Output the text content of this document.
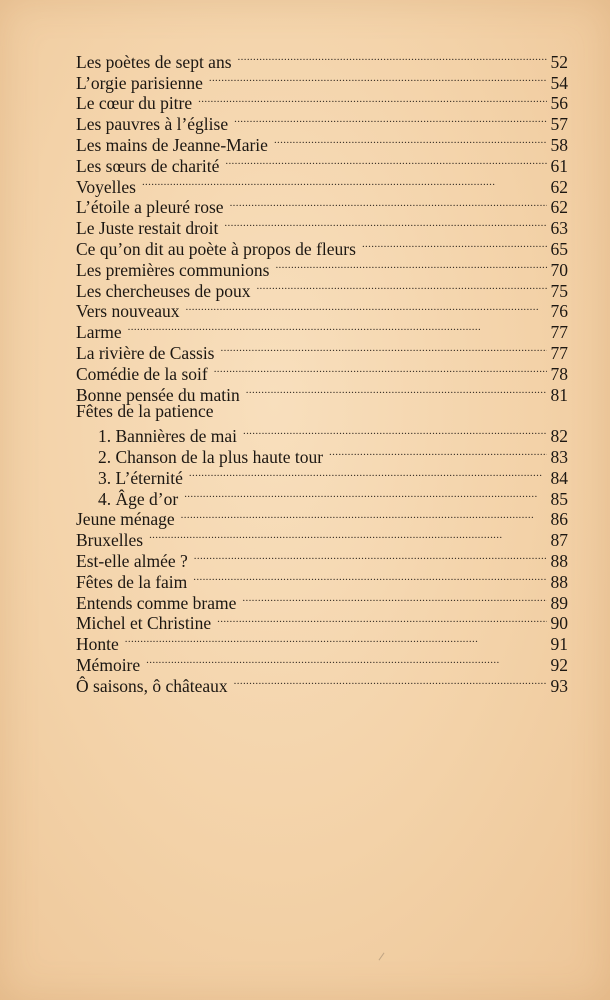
Les poètes de sept ans . . .	52
L’orgie parisienne . . .	54
Le cœur du pitre . . .	56
Les pauvres à l’église . . .	57
Les mains de Jeanne-Marie . . .	58
Les sœurs de charité . . .	61
Voyelles . . .	62
L’étoile a pleuré rose . . .	62
Le Juste restait droit . . .	63
Ce qu’on dit au poète à propos de fleurs . . .	65
Les premières communions . . .	70
Les chercheuses de poux . . .	75
Vers nouveaux . . .	76
Larme . . .	77
La rivière de Cassis . . .	77
Comédie de la soif . . .	78
Bonne pensée du matin . . .	81
Fêtes de la patience
1. Bannières de mai . . .	82
2. Chanson de la plus haute tour . . .	83
3. L’éternité . . .	84
4. Âge d’or . . .	85
Jeune ménage . . .	86
Bruxelles . . .	87
Est-elle almée ? . . .	88
Fêtes de la faim . . .	88
Entends comme brame . . .	89
Michel et Christine . . .	90
Honte . . .	91
Mémoire . . .	92
Ô saisons, ô châteaux . . .	93
